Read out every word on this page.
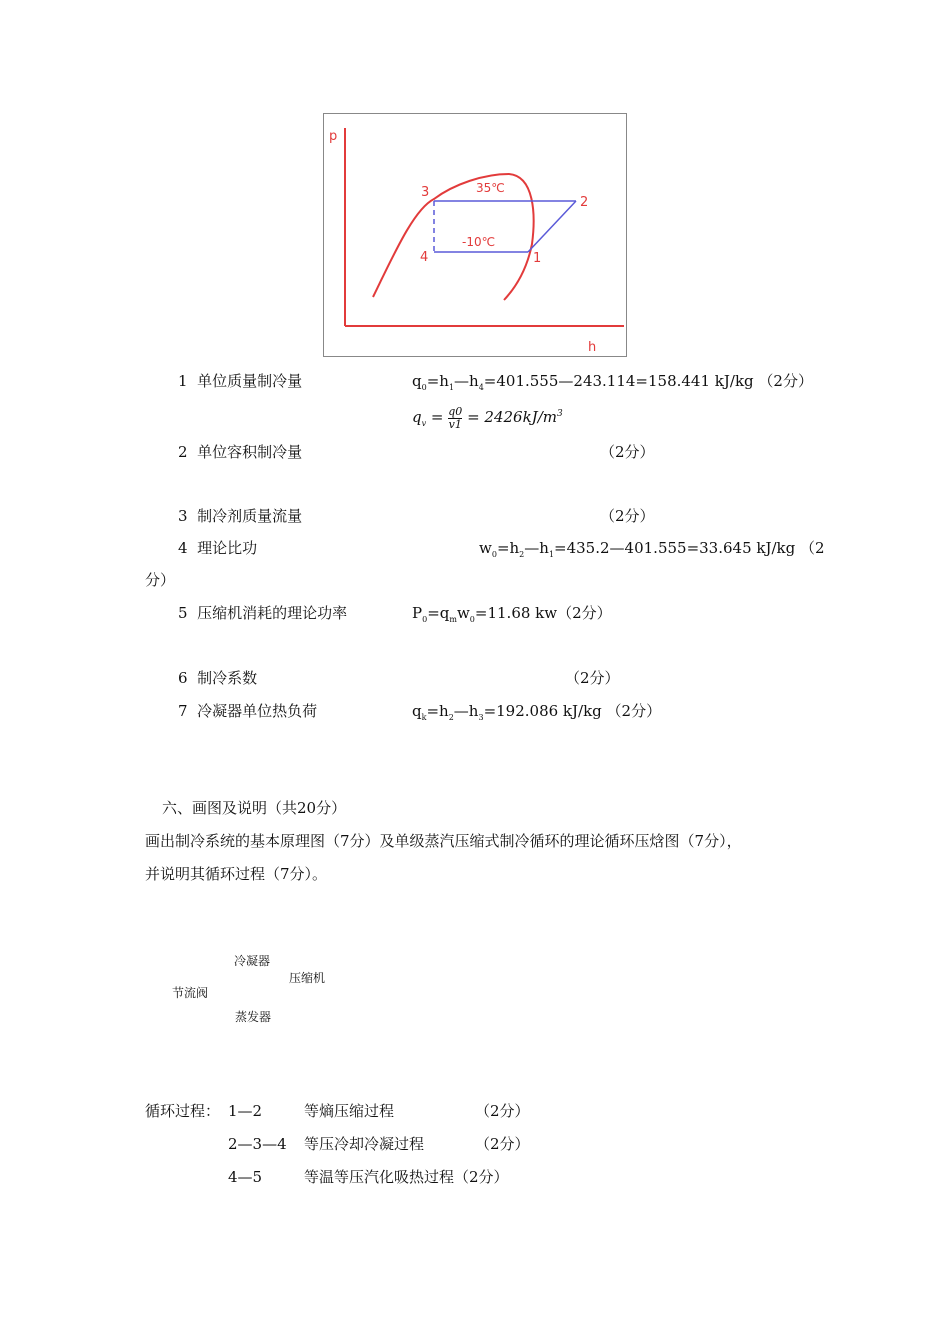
p
h
3
2
4	1
35℃
-10℃
1 单位质量制冷量	$q_0=h_1—h_4=401.555—243.114=158.441$ kJ/kg （2分）
$q_v = \frac{q0}{v1} = 2426kJ/m^3$
2 单位容积制冷量	（2分）
3 制冷剂质量流量	（2分）
4 理论比功	$w_0=h_2—h_1=435.2—401.555=33.645$ kJ/kg （2
分）
5 压缩机消耗的理论功率	$P_0=q_mw_0=11.68$ kw（2分）
6 制冷系数	（2分）
7 冷凝器单位热负荷	$q_k=h_2—h_3=192.086$ kJ/kg （2分）
六、画图及说明（共20分）
画出制冷系统的基本原理图（7分）及单级蒸汽压缩式制冷循环的理论循环压焓图（7分），
并说明其循环过程（7分）。
冷凝器
压缩机
节流阀
蒸发器
循环过程： 1—2	等熵压缩过程	（2分）
2—3—4 等压冷却冷凝过程	（2分）
4—5	等温等压汽化吸热过程（2分）
